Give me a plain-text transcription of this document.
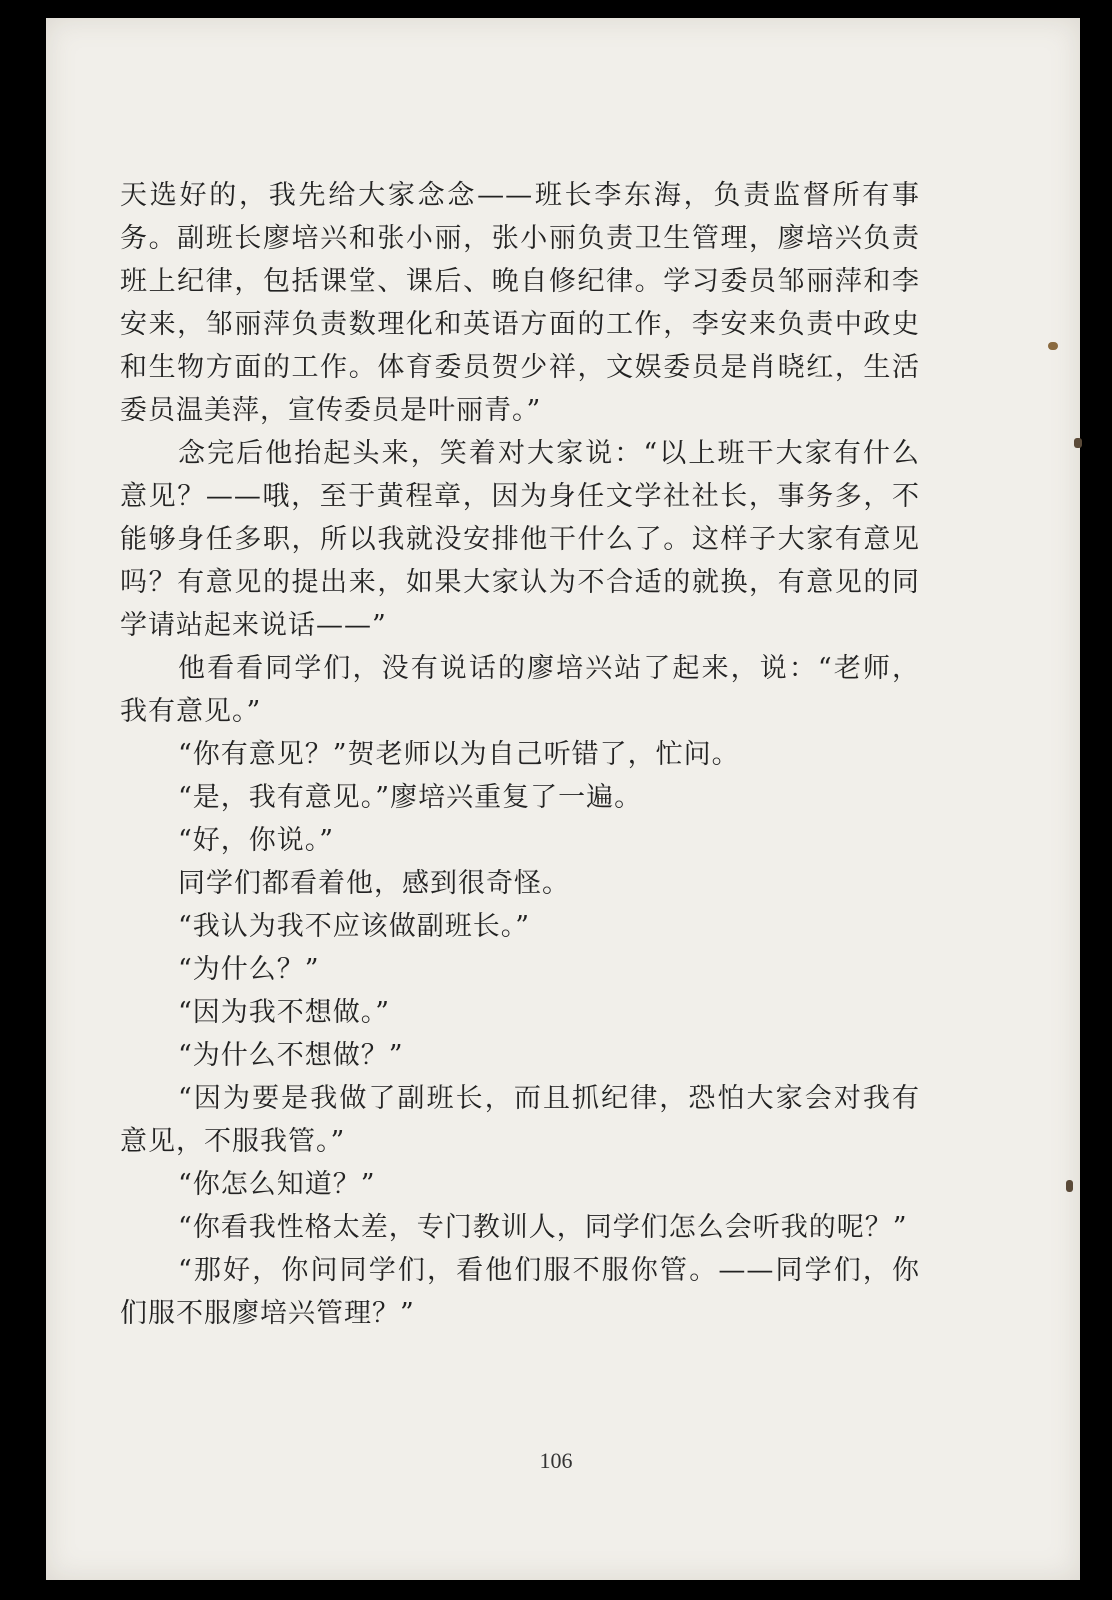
天选好的，我先给大家念念——班长李东海，负责监督所有事务。副班长廖培兴和张小丽，张小丽负责卫生管理，廖培兴负责班上纪律，包括课堂、课后、晚自修纪律。学习委员邹丽萍和李安来，邹丽萍负责数理化和英语方面的工作，李安来负责中政史和生物方面的工作。体育委员贺少祥，文娱委员是肖晓红，生活委员温美萍，宣传委员是叶丽青。”

念完后他抬起头来，笑着对大家说：“以上班干大家有什么意见？——哦，至于黄程章，因为身任文学社社长，事务多，不能够身任多职，所以我就没安排他干什么了。这样子大家有意见吗？有意见的提出来，如果大家认为不合适的就换，有意见的同学请站起来说话——”

他看看同学们，没有说话的廖培兴站了起来，说：“老师，我有意见。”

“你有意见？”贺老师以为自己听错了，忙问。

“是，我有意见。”廖培兴重复了一遍。

“好，你说。”

同学们都看着他，感到很奇怪。

“我认为我不应该做副班长。”

“为什么？”

“因为我不想做。”

“为什么不想做？”

“因为要是我做了副班长，而且抓纪律，恐怕大家会对我有意见，不服我管。”

“你怎么知道？”

“你看我性格太差，专门教训人，同学们怎么会听我的呢？”

“那好，你问同学们，看他们服不服你管。——同学们，你们服不服廖培兴管理？”

106
